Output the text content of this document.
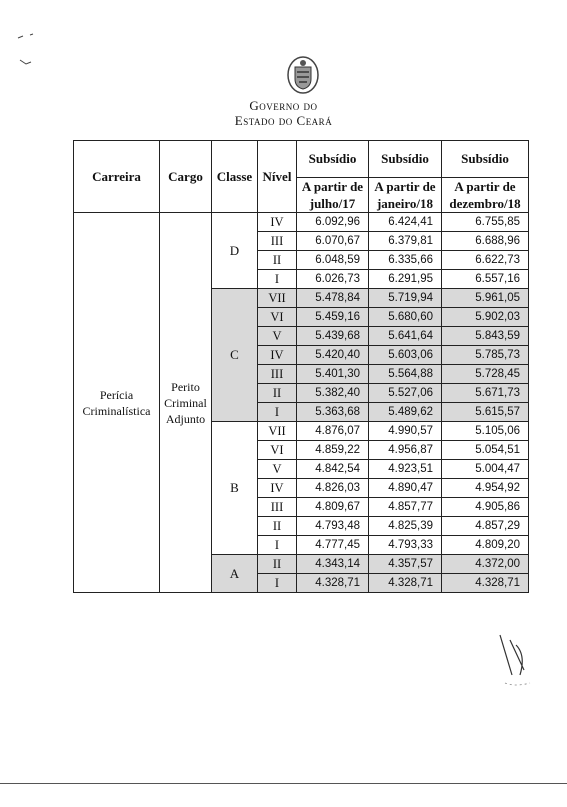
Governo do
Estado do Ceará
Carreira	Cargo	Classe	Nível	Subsídio	Subsídio	Subsídio
				A partir de julho/17	A partir de janeiro/18	A partir de dezembro/18
Perícia Criminalística	Perito Criminal Adjunto	D	IV	6.092,96	6.424,41	6.755,85
			III	6.070,67	6.379,81	6.688,96
			II	6.048,59	6.335,66	6.622,73
			I	6.026,73	6.291,95	6.557,16
		C	VII	5.478,84	5.719,94	5.961,05
			VI	5.459,16	5.680,60	5.902,03
			V	5.439,68	5.641,64	5.843,59
			IV	5.420,40	5.603,06	5.785,73
			III	5.401,30	5.564,88	5.728,45
			II	5.382,40	5.527,06	5.671,73
			I	5.363,68	5.489,62	5.615,57
		B	VII	4.876,07	4.990,57	5.105,06
			VI	4.859,22	4.956,87	5.054,51
			V	4.842,54	4.923,51	5.004,47
			IV	4.826,03	4.890,47	4.954,92
			III	4.809,67	4.857,77	4.905,86
			II	4.793,48	4.825,39	4.857,29
			I	4.777,45	4.793,33	4.809,20
		A	II	4.343,14	4.357,57	4.372,00
			I	4.328,71	4.328,71	4.328,71
